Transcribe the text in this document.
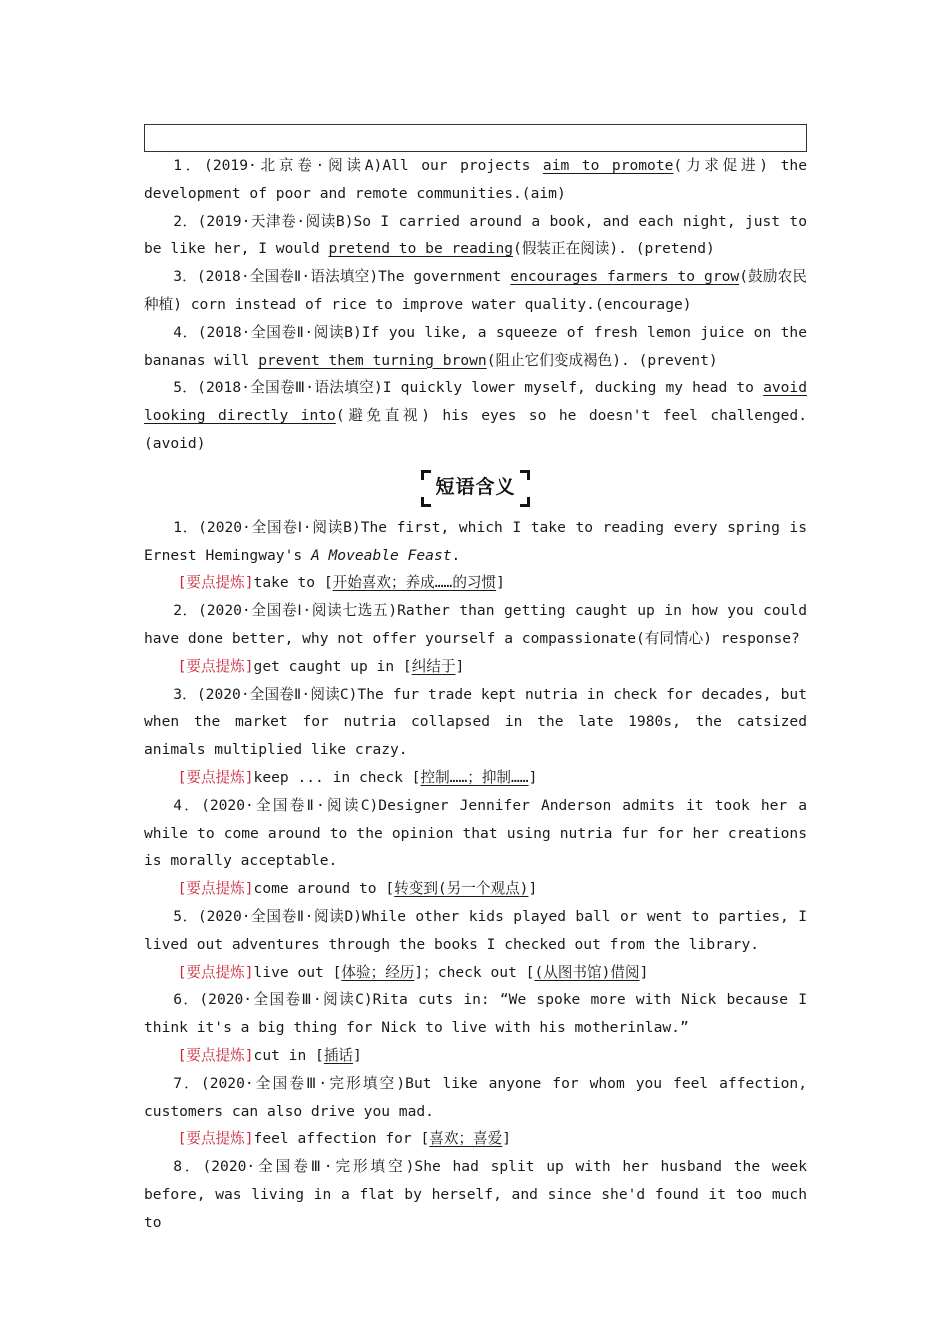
1．(2019·北京卷·阅读A)All our projects aim to promote(力求促进) the development of poor and remote communities.(aim)

2．(2019·天津卷·阅读B)So I carried around a book, and each night, just to be like her, I would pretend to be reading(假装正在阅读). (pretend)

3．(2018·全国卷Ⅱ·语法填空)The government encourages farmers to grow(鼓励农民种植) corn instead of rice to improve water quality.(encourage)

4．(2018·全国卷Ⅱ·阅读B)If you like, a squeeze of fresh lemon juice on the bananas will prevent them turning brown(阻止它们变成褐色). (prevent)

5．(2018·全国卷Ⅲ·语法填空)I quickly lower myself, ducking my head to avoid looking directly into(避免直视) his eyes so he doesn't feel challenged. (avoid)

短语含义

1．(2020·全国卷Ⅰ·阅读B)The first, which I take to reading every spring is Ernest Hemingway's A Moveable Feast.

[要点提炼]take to [开始喜欢；养成……的习惯]

2．(2020·全国卷Ⅰ·阅读七选五)Rather than getting caught up in how you could have done better, why not offer yourself a compassionate(有同情心) response?

[要点提炼]get caught up in [纠结于]

3．(2020·全国卷Ⅱ·阅读C)The fur trade kept nutria in check for decades, but when the market for nutria collapsed in the late 1980s, the catsized animals multiplied like crazy.

[要点提炼]keep ... in check [控制……；抑制……]

4．(2020·全国卷Ⅱ·阅读C)Designer Jennifer Anderson admits it took her a while to come around to the opinion that using nutria fur for her creations is morally acceptable.

[要点提炼]come around to [转变到(另一个观点)]

5．(2020·全国卷Ⅱ·阅读D)While other kids played ball or went to parties, I lived out adventures through the books I checked out from the library.

[要点提炼]live out [体验；经历]；check out [(从图书馆)借阅]

6．(2020·全国卷Ⅲ·阅读C)Rita cuts in: “We spoke more with Nick because I think it's a big thing for Nick to live with his motherinlaw.”

[要点提炼]cut in [插话]

7．(2020·全国卷Ⅲ·完形填空)But like anyone for whom you feel affection, customers can also drive you mad.

[要点提炼]feel affection for [喜欢；喜爱]

8．(2020·全国卷Ⅲ·完形填空)She had split up with her husband the week before, was living in a flat by herself, and since she'd found it too much to
